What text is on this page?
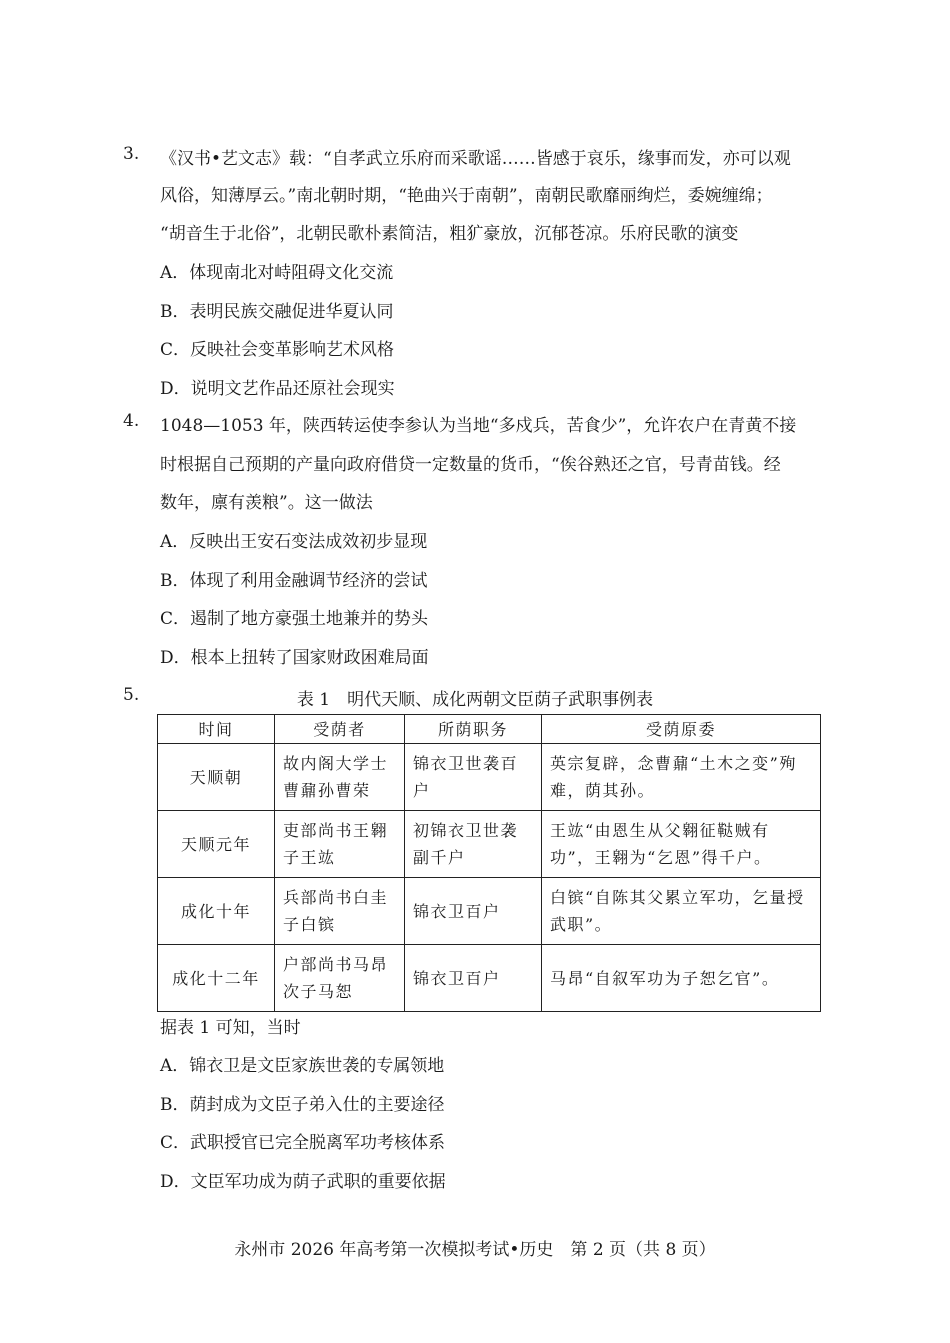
3. 《汉书•艺文志》载：“自孝武立乐府而采歌谣……皆感于哀乐，缘事而发，亦可以观
风俗，知薄厚云。”南北朝时期，“艳曲兴于南朝”，南朝民歌靡丽绚烂，委婉缠绵；
“胡音生于北俗”，北朝民歌朴素简洁，粗犷豪放，沉郁苍凉。乐府民歌的演变
A．体现南北对峙阻碍文化交流
B．表明民族交融促进华夏认同
C．反映社会变革影响艺术风格
D．说明文艺作品还原社会现实
4. 1048—1053 年，陕西转运使李参认为当地“多戍兵，苦食少”，允许农户在青黄不接
时根据自己预期的产量向政府借贷一定数量的货币，“俟谷熟还之官，号青苗钱。经
数年，廪有羡粮”。这一做法
A．反映出王安石变法成效初步显现
B．体现了利用金融调节经济的尝试
C．遏制了地方豪强土地兼并的势头
D．根本上扭转了国家财政困难局面
5.	表 1　明代天顺、成化两朝文臣荫子武职事例表
时间	受荫者	所荫职务	受荫原委
天顺朝	故内阁大学士曹鼐孙曹荣	锦衣卫世袭百户	英宗复辟，念曹鼐“土木之变”殉难，荫其孙。
天顺元年	吏部尚书王翱子王竑	初锦衣卫世袭副千户	王竑“由恩生从父翱征鞑贼有功”，王翱为“乞恩”得千户。
成化十年	兵部尚书白圭子白镔	锦衣卫百户	白镔“自陈其父累立军功，乞量授武职”。
成化十二年	户部尚书马昂次子马恕	锦衣卫百户	马昂“自叙军功为子恕乞官”。
据表 1 可知，当时
A．锦衣卫是文臣家族世袭的专属领地
B．荫封成为文臣子弟入仕的主要途径
C．武职授官已完全脱离军功考核体系
D．文臣军功成为荫子武职的重要依据
永州市 2026 年高考第一次模拟考试•历史　第 2 页（共 8 页）
